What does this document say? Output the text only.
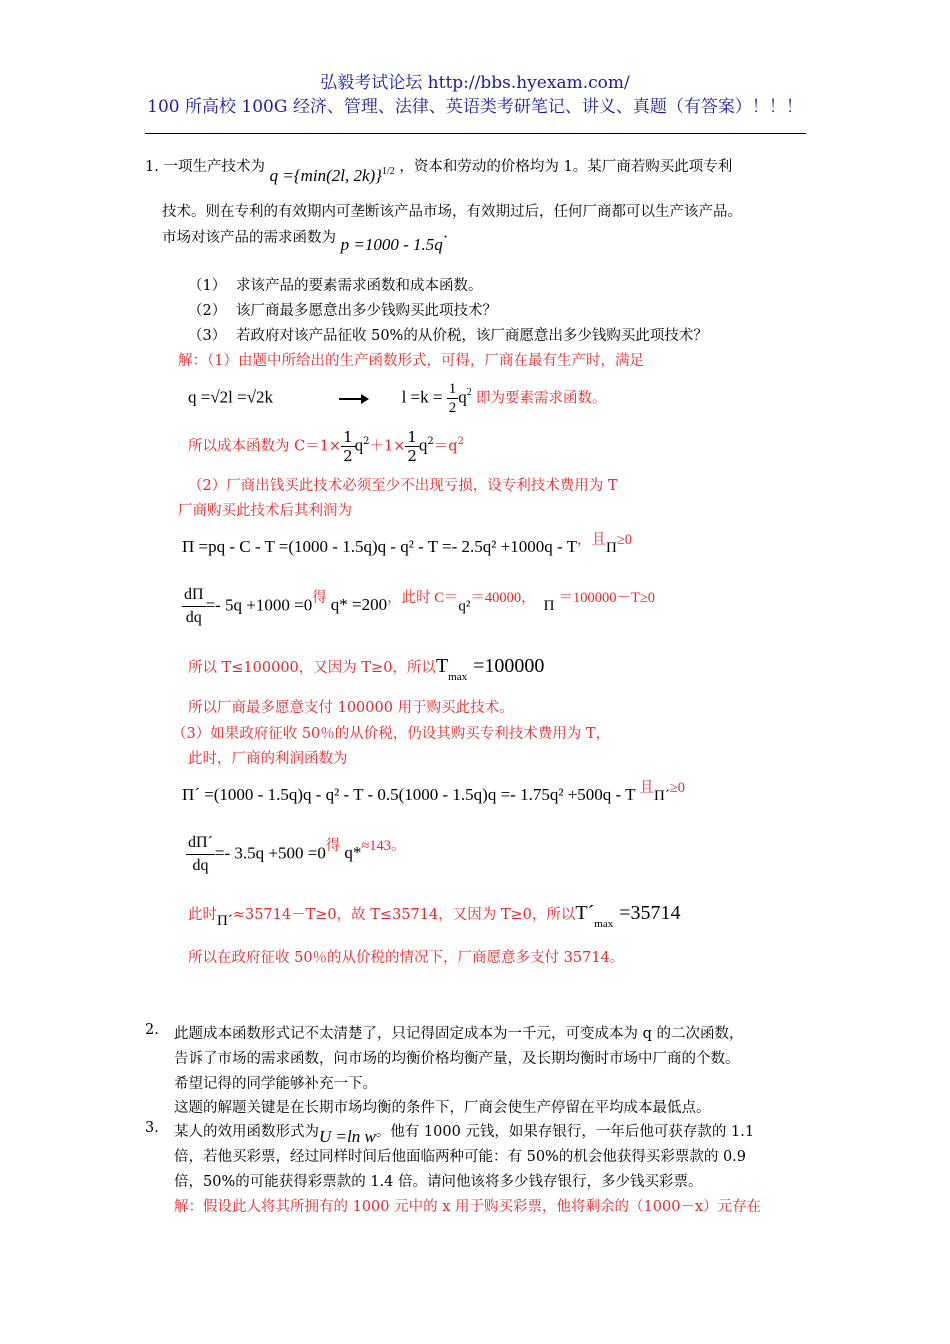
弘毅考试论坛 http://bbs.hyexam.com/
100 所高校 100G 经济、管理、法律、英语类考研笔记、讲义、真题（有答案）！！！
1. 一项生产技术为 q ={min(2l, 2k)}$^{1/2}$ ，资本和劳动的价格均为 1。某厂商若购买此项专利
技术。则在专利的有效期内可垄断该产品市场，有效期过后，任何厂商都可以生产该产品。
市场对该产品的需求函数为 p =1000 - 1.5q·
（1） 求该产品的要素需求函数和成本函数。
（2） 该厂商最多愿意出多少钱购买此项技术？
（3） 若政府对该产品征收 50%的从价税，该厂商愿意出多少钱购买此项技术？
解：（1）由题中所给出的生产函数形式，可得，厂商在最有生产时，满足
q =√2l =√2k	$l =k = \frac{1}{2} q^2$ 即为要素需求函数。
所以成本函数为 $C=1\times \frac{1}{2} q^2+1\times \frac{1}{2} q^2=q^2$
（2）厂商出钱买此技术必须至少不出现亏损，设专利技术费用为 T
厂商购买此技术后其利润为
Π =pq - C - T =(1000 - 1.5q)q - q² - T =- 2.5q² +1000q - T，且Π≥0
$\frac{d\Pi}{dq} =- 5q +1000 =0$得 q* =200，此时 C＝q²＝40000， Π ＝100000－T≥0
所以 T≤100000，又因为 T≥0，所以$T_{max} =100000$
所以厂商最多愿意支付 100000 用于购买此技术。
（3）如果政府征收 50％的从价税，仍设其购买专利技术费用为 T，
此时，厂商的利润函数为
Π´ =(1000 - 1.5q)q - q² - T - 0.5(1000 - 1.5q)q =- 1.75q² +500q - T 且Π´≥0
$\frac{d\Pi´}{dq} =- 3.5q +500 =0$得 q*≈143。
此时Π´≈35714－T≥0，故 T≤35714，又因为 T≥0，所以$T´_{max} =35714$
所以在政府征收 50％的从价税的情况下，厂商愿意多支付 35714。
2. 此题成本函数形式记不太清楚了，只记得固定成本为一千元，可变成本为 q 的二次函数，
告诉了市场的需求函数，问市场的均衡价格均衡产量，及长期均衡时市场中厂商的个数。
希望记得的同学能够补充一下。
这题的解题关键是在长期市场均衡的条件下，厂商会使生产停留在平均成本最低点。
3. 某人的效用函数形式为U =ln w。他有 1000 元钱，如果存银行，一年后他可获存款的 1.1
倍，若他买彩票，经过同样时间后他面临两种可能：有 50%的机会他获得买彩票款的 0.9
倍，50%的可能获得彩票款的 1.4 倍。请问他该将多少钱存银行，多少钱买彩票。
解：假设此人将其所拥有的 1000 元中的 x 用于购买彩票，他将剩余的（1000－x）元存在
